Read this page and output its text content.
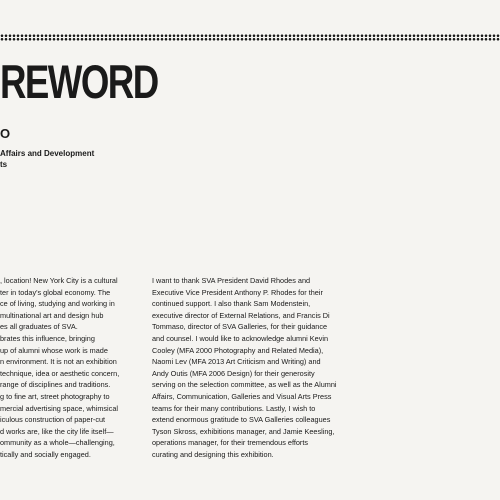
REWORD
O
Affairs and Development
ts
, location! New York City is a cultural
ter in today's global economy. The
ce of living, studying and working in
multinational art and design hub
es all graduates of SVA.
brates this influence, bringing
up of alumni whose work is made
n environment. It is not an exhibition
technique, idea or aesthetic concern,
range of disciplines and traditions.
g to fine art, street photography to
mercial advertising space, whimsical
iculous construction of paper-cut
d works are, like the city life itself—
ommunity as a whole—challenging,
tically and socially engaged.
I want to thank SVA President David Rhodes and
Executive Vice President Anthony P. Rhodes for their
continued support. I also thank Sam Modenstein,
executive director of External Relations, and Francis Di
Tommaso, director of SVA Galleries, for their guidance
and counsel. I would like to acknowledge alumni Kevin
Cooley (MFA 2000 Photography and Related Media),
Naomi Lev (MFA 2013 Art Criticism and Writing) and
Andy Outis (MFA 2006 Design) for their generosity
serving on the selection committee, as well as the Alumni
Affairs, Communication, Galleries and Visual Arts Press
teams for their many contributions. Lastly, I wish to
extend enormous gratitude to SVA Galleries colleagues
Tyson Skross, exhibitions manager, and Jamie Keesling,
operations manager, for their tremendous efforts
curating and designing this exhibition.
